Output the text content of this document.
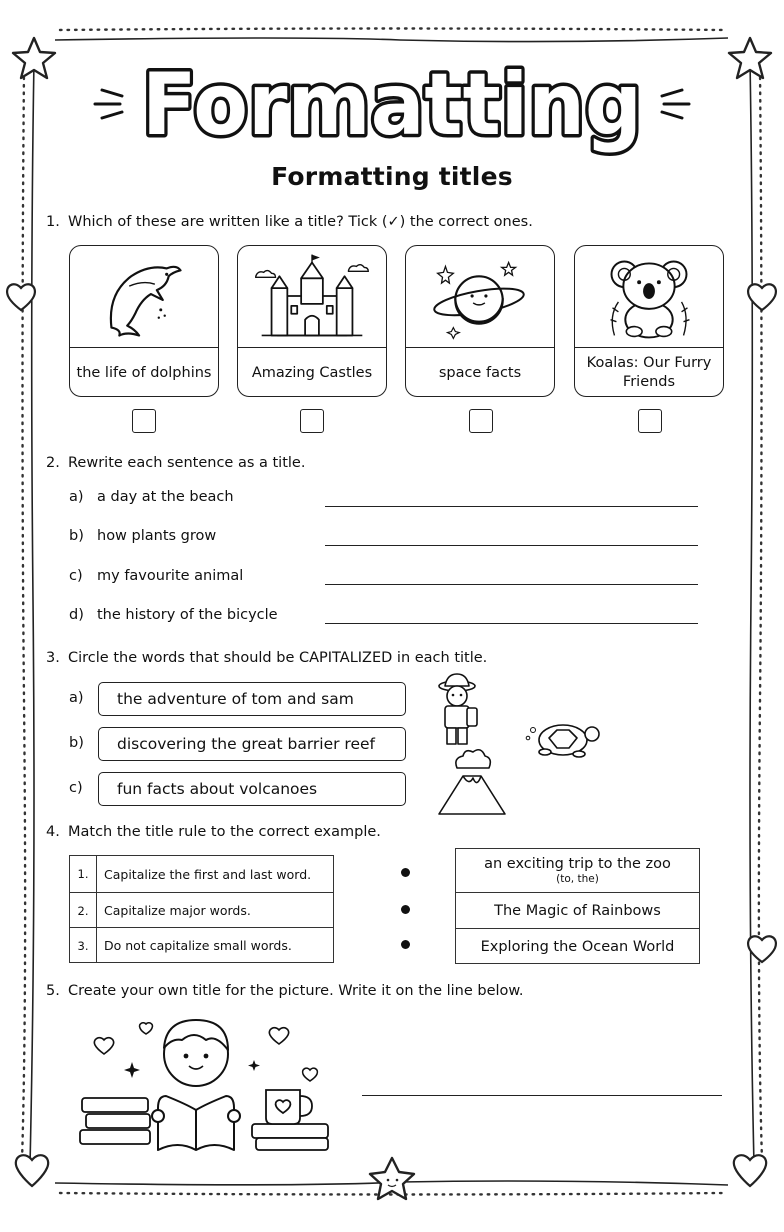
Formatting
Formatting titles
1. Which of these are written like a title? Tick (✓) the correct ones.
the life of dolphins	Amazing Castles	space facts
Koalas: Our Furry Friends
2. Rewrite each sentence as a title.
a) a day at the beach
b) how plants grow
c) my favourite animal
d) the history of the bicycle
3. Circle the words that should be CAPITALIZED in each title.
a)	the adventure of tom and sam
b)	discovering the great barrier reef
c)	fun facts about volcanoes
4. Match the title rule to the correct example.
1.	Capitalize the first and last word.
2.	Capitalize major words.
3.	Do not capitalize small words.
an exciting trip to the zoo
(to, the)
The Magic of Rainbows
Exploring the Ocean World
5. Create your own title for the picture. Write it on the line below.
